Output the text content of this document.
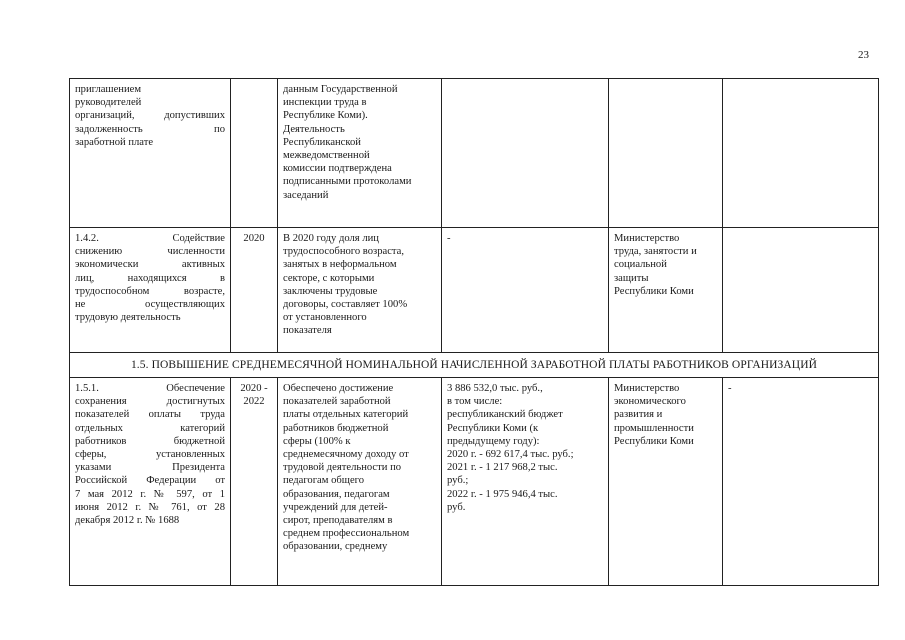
23
приглашением
руководителей
организаций, допустивших
задолженность по
заработной плате
данным Государственной
инспекции труда в
Республике Коми).
Деятельность
Республиканской
межведомственной
комиссии подтверждена
подписанными протоколами
заседаний
1.4.2. Содействие
снижению численности
экономически активных
лиц, находящихся в
трудоспособном возрасте,
не осуществляющих
трудовую деятельность
2020	В 2020 году доля лиц
трудоспособного возраста,
занятых в неформальном
секторе, с которыми
заключены трудовые
договоры, составляет 100%
от установленного
показателя
-	Министерство
труда, занятости и
социальной
защиты
Республики Коми
1.5. ПОВЫШЕНИЕ СРЕДНЕМЕСЯЧНОЙ НОМИНАЛЬНОЙ НАЧИСЛЕННОЙ ЗАРАБОТНОЙ ПЛАТЫ РАБОТНИКОВ ОРГАНИЗАЦИЙ
1.5.1. Обеспечение
сохранения достигнутых
показателей оплаты труда
отдельных категорий
работников бюджетной
сферы, установленных
указами Президента
Российской Федерации от
7 мая 2012 г. № 597, от 1
июня 2012 г. № 761, от 28
декабря 2012 г. № 1688
2020 -
2022
Обеспечено достижение
показателей заработной
платы отдельных категорий
работников бюджетной
сферы (100% к
среднемесячному доходу от
трудовой деятельности по
педагогам общего
образования, педагогам
учреждений для детей-
сирот, преподавателям в
среднем профессиональном
образовании, среднему
3 886 532,0 тыс. руб.,
в том числе:
республиканский бюджет
Республики Коми (к
предыдущему году):
2020 г. - 692 617,4 тыс. руб.;
2021 г. - 1 217 968,2 тыс.
руб.;
2022 г. - 1 975 946,4 тыс.
руб.
Министерство
экономического
развития и
промышленности
Республики Коми
-
